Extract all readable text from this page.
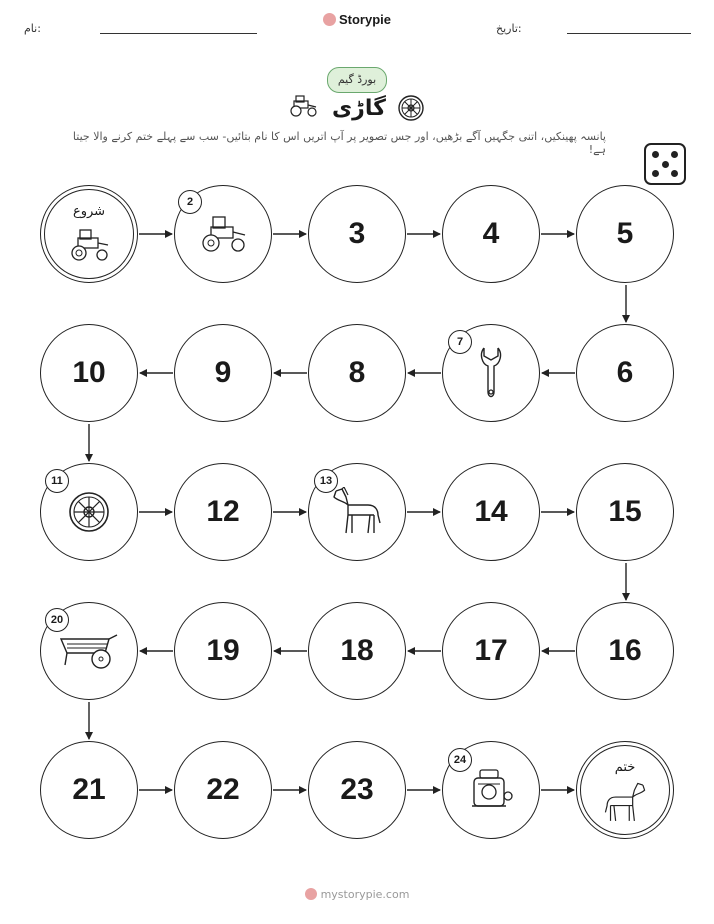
نام:
Storypie
تاریخ:
بورڈ گیم
گاڑی
پانسہ پھینکیں، اتنی جگہیں آگے بڑھیں، اور جس تصویر پر آپ اتریں اس کا نام بتائیں- سب سے پہلے ختم کرنے والا جیتا ہے!
شروع
2
3	4	5
6
7
8
9
10
11
12
13
14	15
16
17
18
19
20
21	22	23
24	ختم
mystorypie.com
